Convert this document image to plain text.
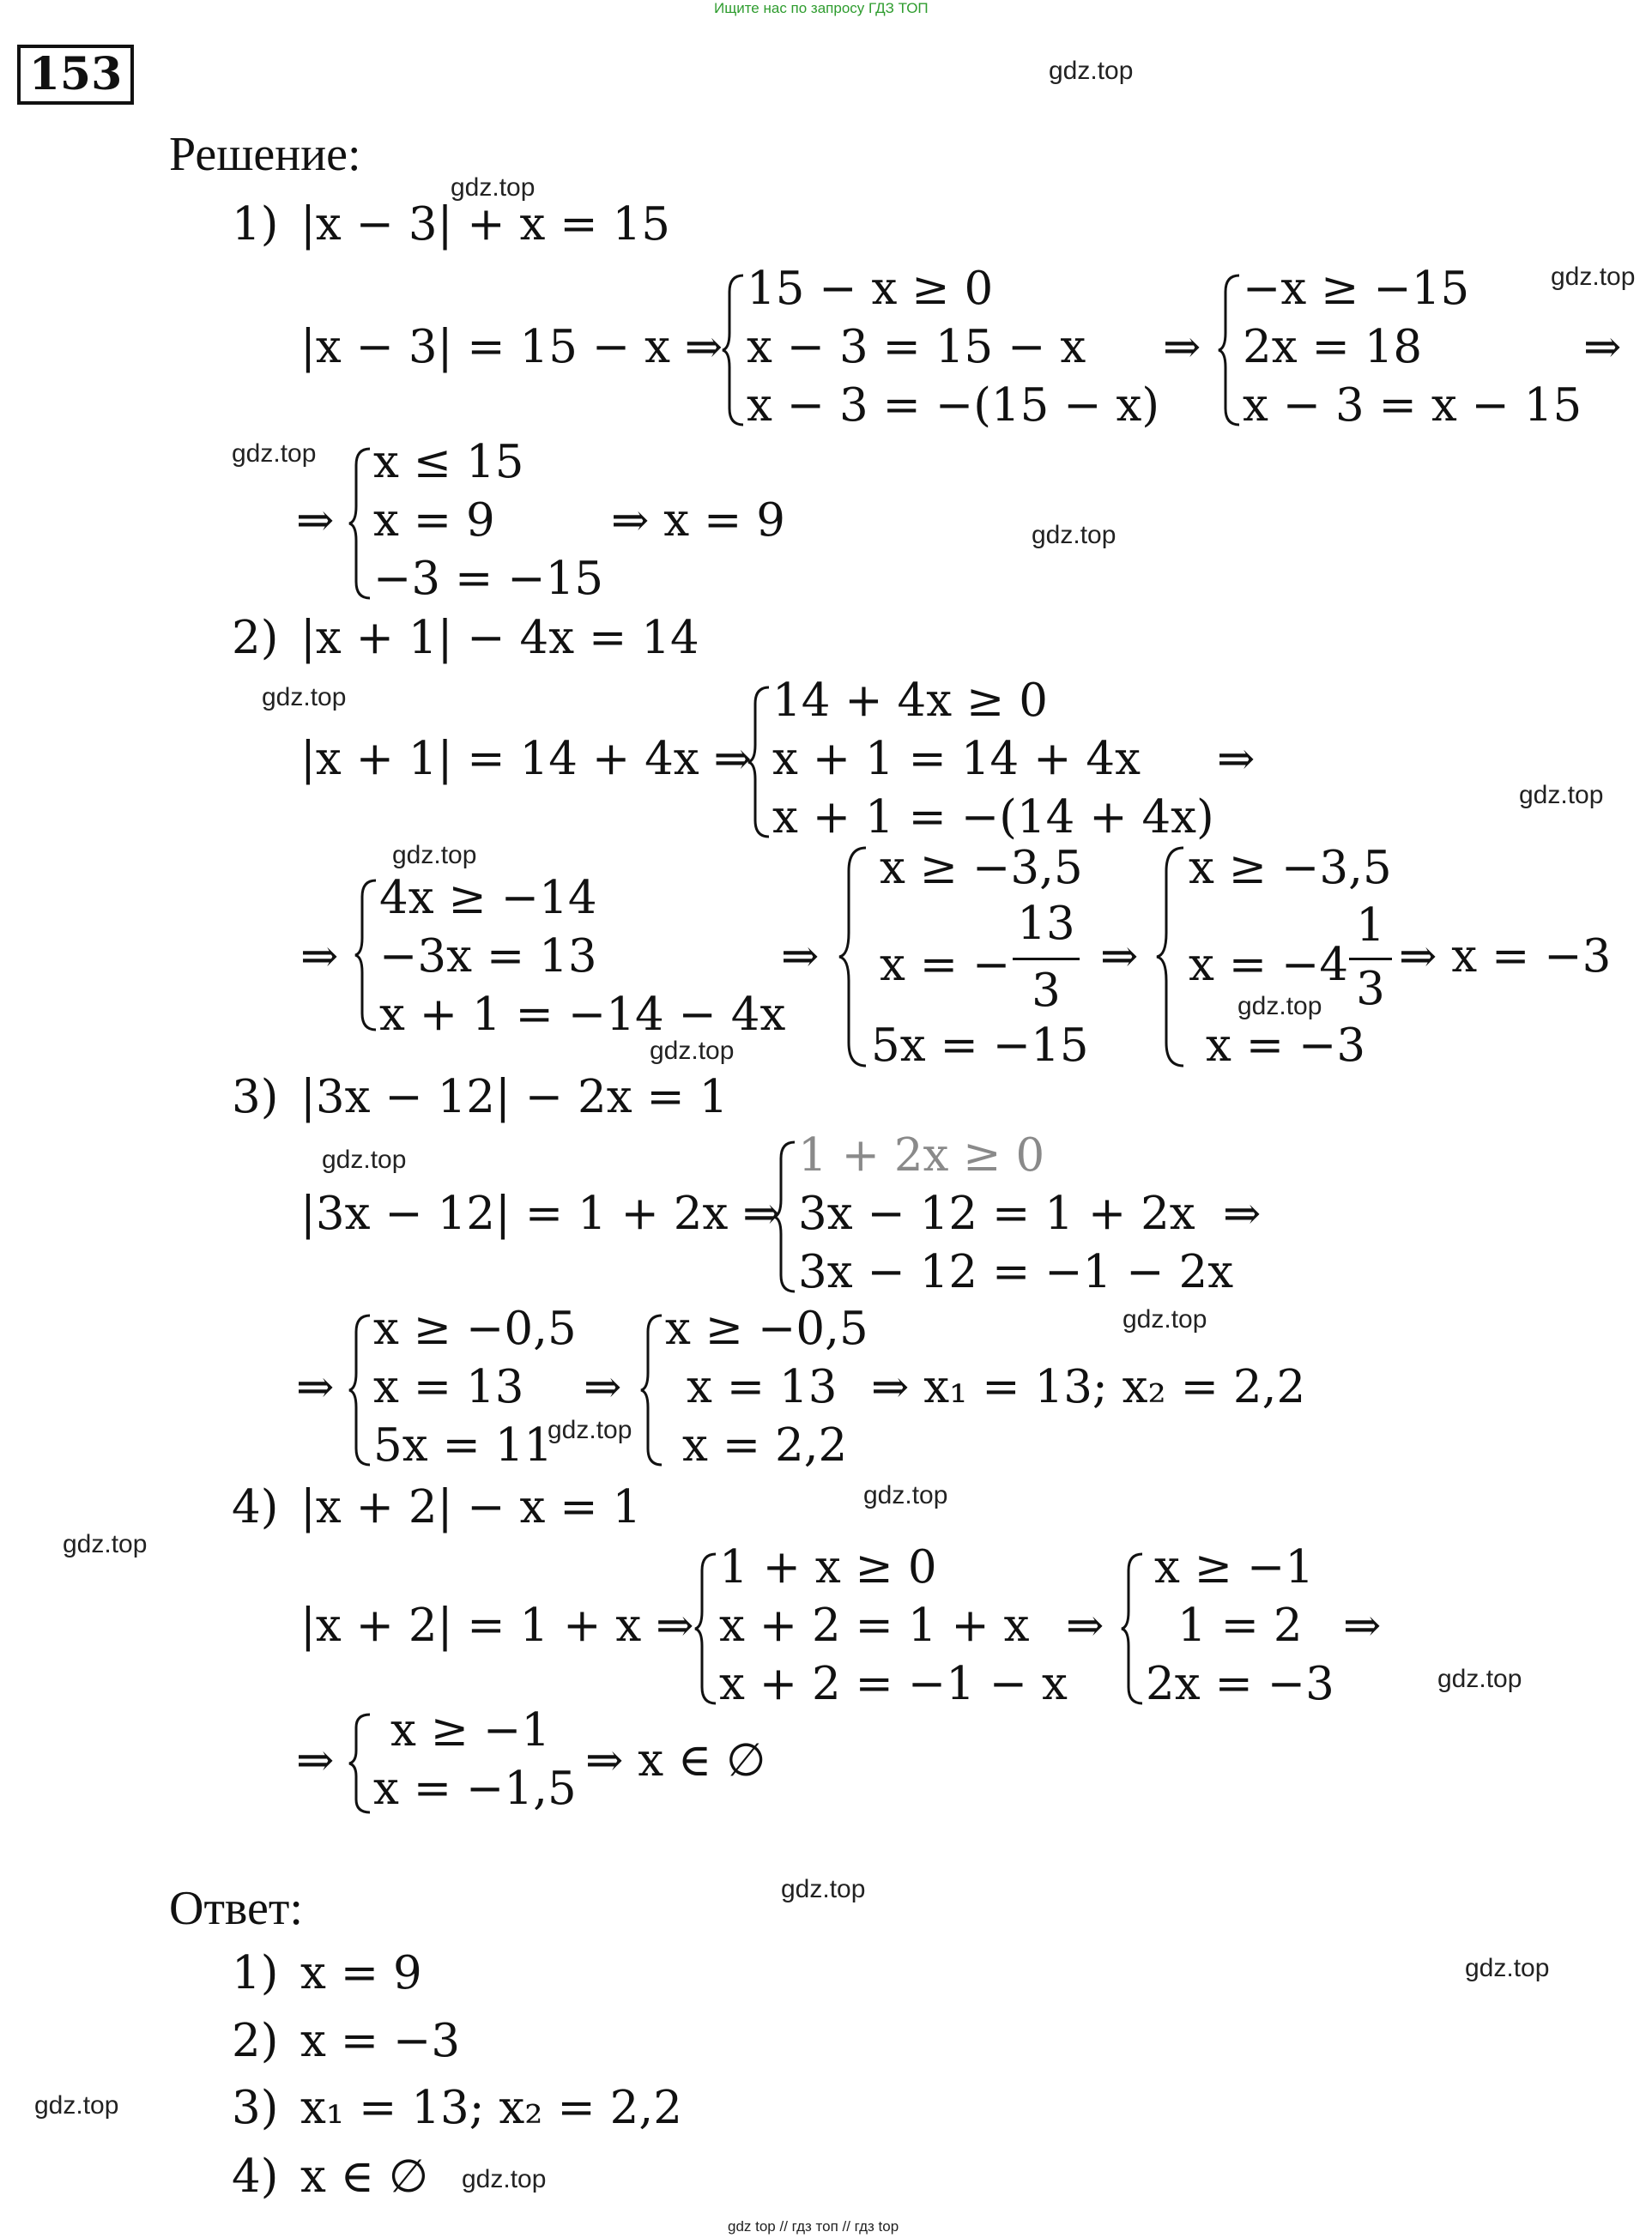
Ищите нас по запросу ГДЗ ТОП
153	gdz.top
gdz.top
gdz.top
gdz.top
gdz.top
gdz.top
gdz.top
gdz.top
gdz.top
gdz.top
gdz.top
gdz.top
gdz.top
gdz.top
gdz.top
gdz.top
gdz.top
gdz.top
gdz.top
gdz.top
Решение:
1) |x − 3| + x = 15
|x − 3| = 15 − x ⇒
15 − x ≥ 0
x − 3 = 15 − x
x − 3 = −(15 − x)
⇒
−x ≥ −15
2x = 18
x − 3 = x − 15
⇒
⇒
x ≤ 15
x = 9
−3 = −15
⇒ x = 9
2) |x + 1| − 4x = 14
|x + 1| = 14 + 4x ⇒
14 + 4x ≥ 0
x + 1 = 14 + 4x
x + 1 = −(14 + 4x)
⇒
⇒
4x ≥ −14
−3x = 13
x + 1 = −14 − 4x
⇒
x ≥ −3,5
x = −
13
3
5x = −15
⇒
x ≥ −3,5
x = −4
1
3
x = −3
⇒ x = −3
3) |3x − 12| − 2x = 1
|3x − 12| = 1 + 2x ⇒
1 + 2x ≥ 0
3x − 12 = 1 + 2x
3x − 12 = −1 − 2x
⇒
⇒
x ≥ −0,5
x = 13
5x = 11
⇒
x ≥ −0,5
x = 13
x = 2,2
⇒ x₁ = 13; x₂ = 2,2
4) |x + 2| − x = 1
|x + 2| = 1 + x ⇒
1 + x ≥ 0
x + 2 = 1 + x
x + 2 = −1 − x
⇒
x ≥ −1
1 = 2
2x = −3
⇒
⇒
x ≥ −1
x = −1,5
⇒ x ∈ ∅
Ответ:
1) x = 9
2) x = −3
3) x₁ = 13; x₂ = 2,2
4) x ∈ ∅
gdz top // гдз топ // гдз top
